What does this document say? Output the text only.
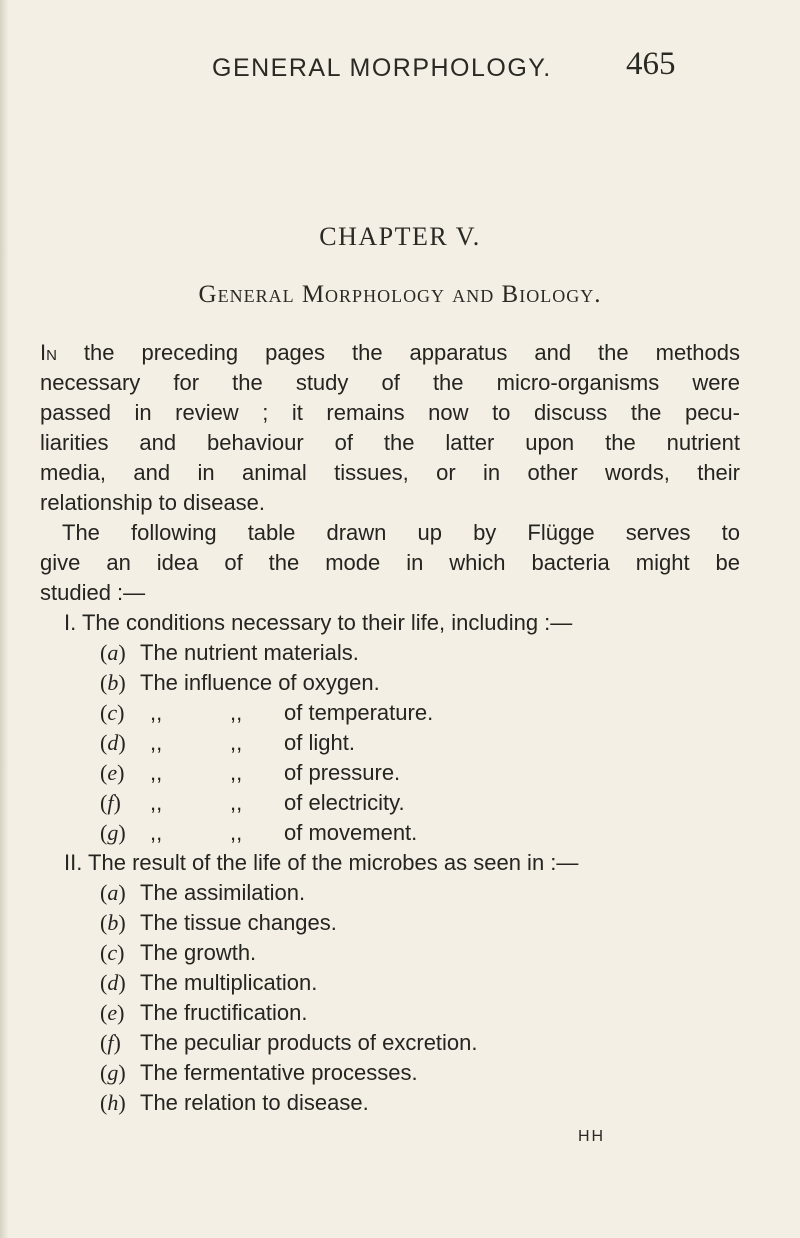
GENERAL MORPHOLOGY. 465
CHAPTER V.
General Morphology and Biology.
In the preceding pages the apparatus and the methods
necessary for the study of the micro-organisms were
passed in review ; it remains now to discuss the pecu-
liarities and behaviour of the latter upon the nutrient
media, and in animal tissues, or in other words, their
relationship to disease.
The following table drawn up by Flügge serves to
give an idea of the mode in which bacteria might be
studied :—
I. The conditions necessary to their life, including :—
( a ) The nutrient materials.
( b ) The influence of oxygen.
( c )	,,	,, of temperature.
( d )	,,	,, of light.
( e )	,,	,, of pressure.
( f )	,,	,, of electricity.
( g )	,,	,, of movement.
II. The result of the life of the microbes as seen in :—
( a ) The assimilation.
( b ) The tissue changes.
( c )	The growth.
( d ) The multiplication.
( e )	The fructification.
( f )	The peculiar products of excretion.
( g ) The fermentative processes.
( h ) The relation to disease.
HH
